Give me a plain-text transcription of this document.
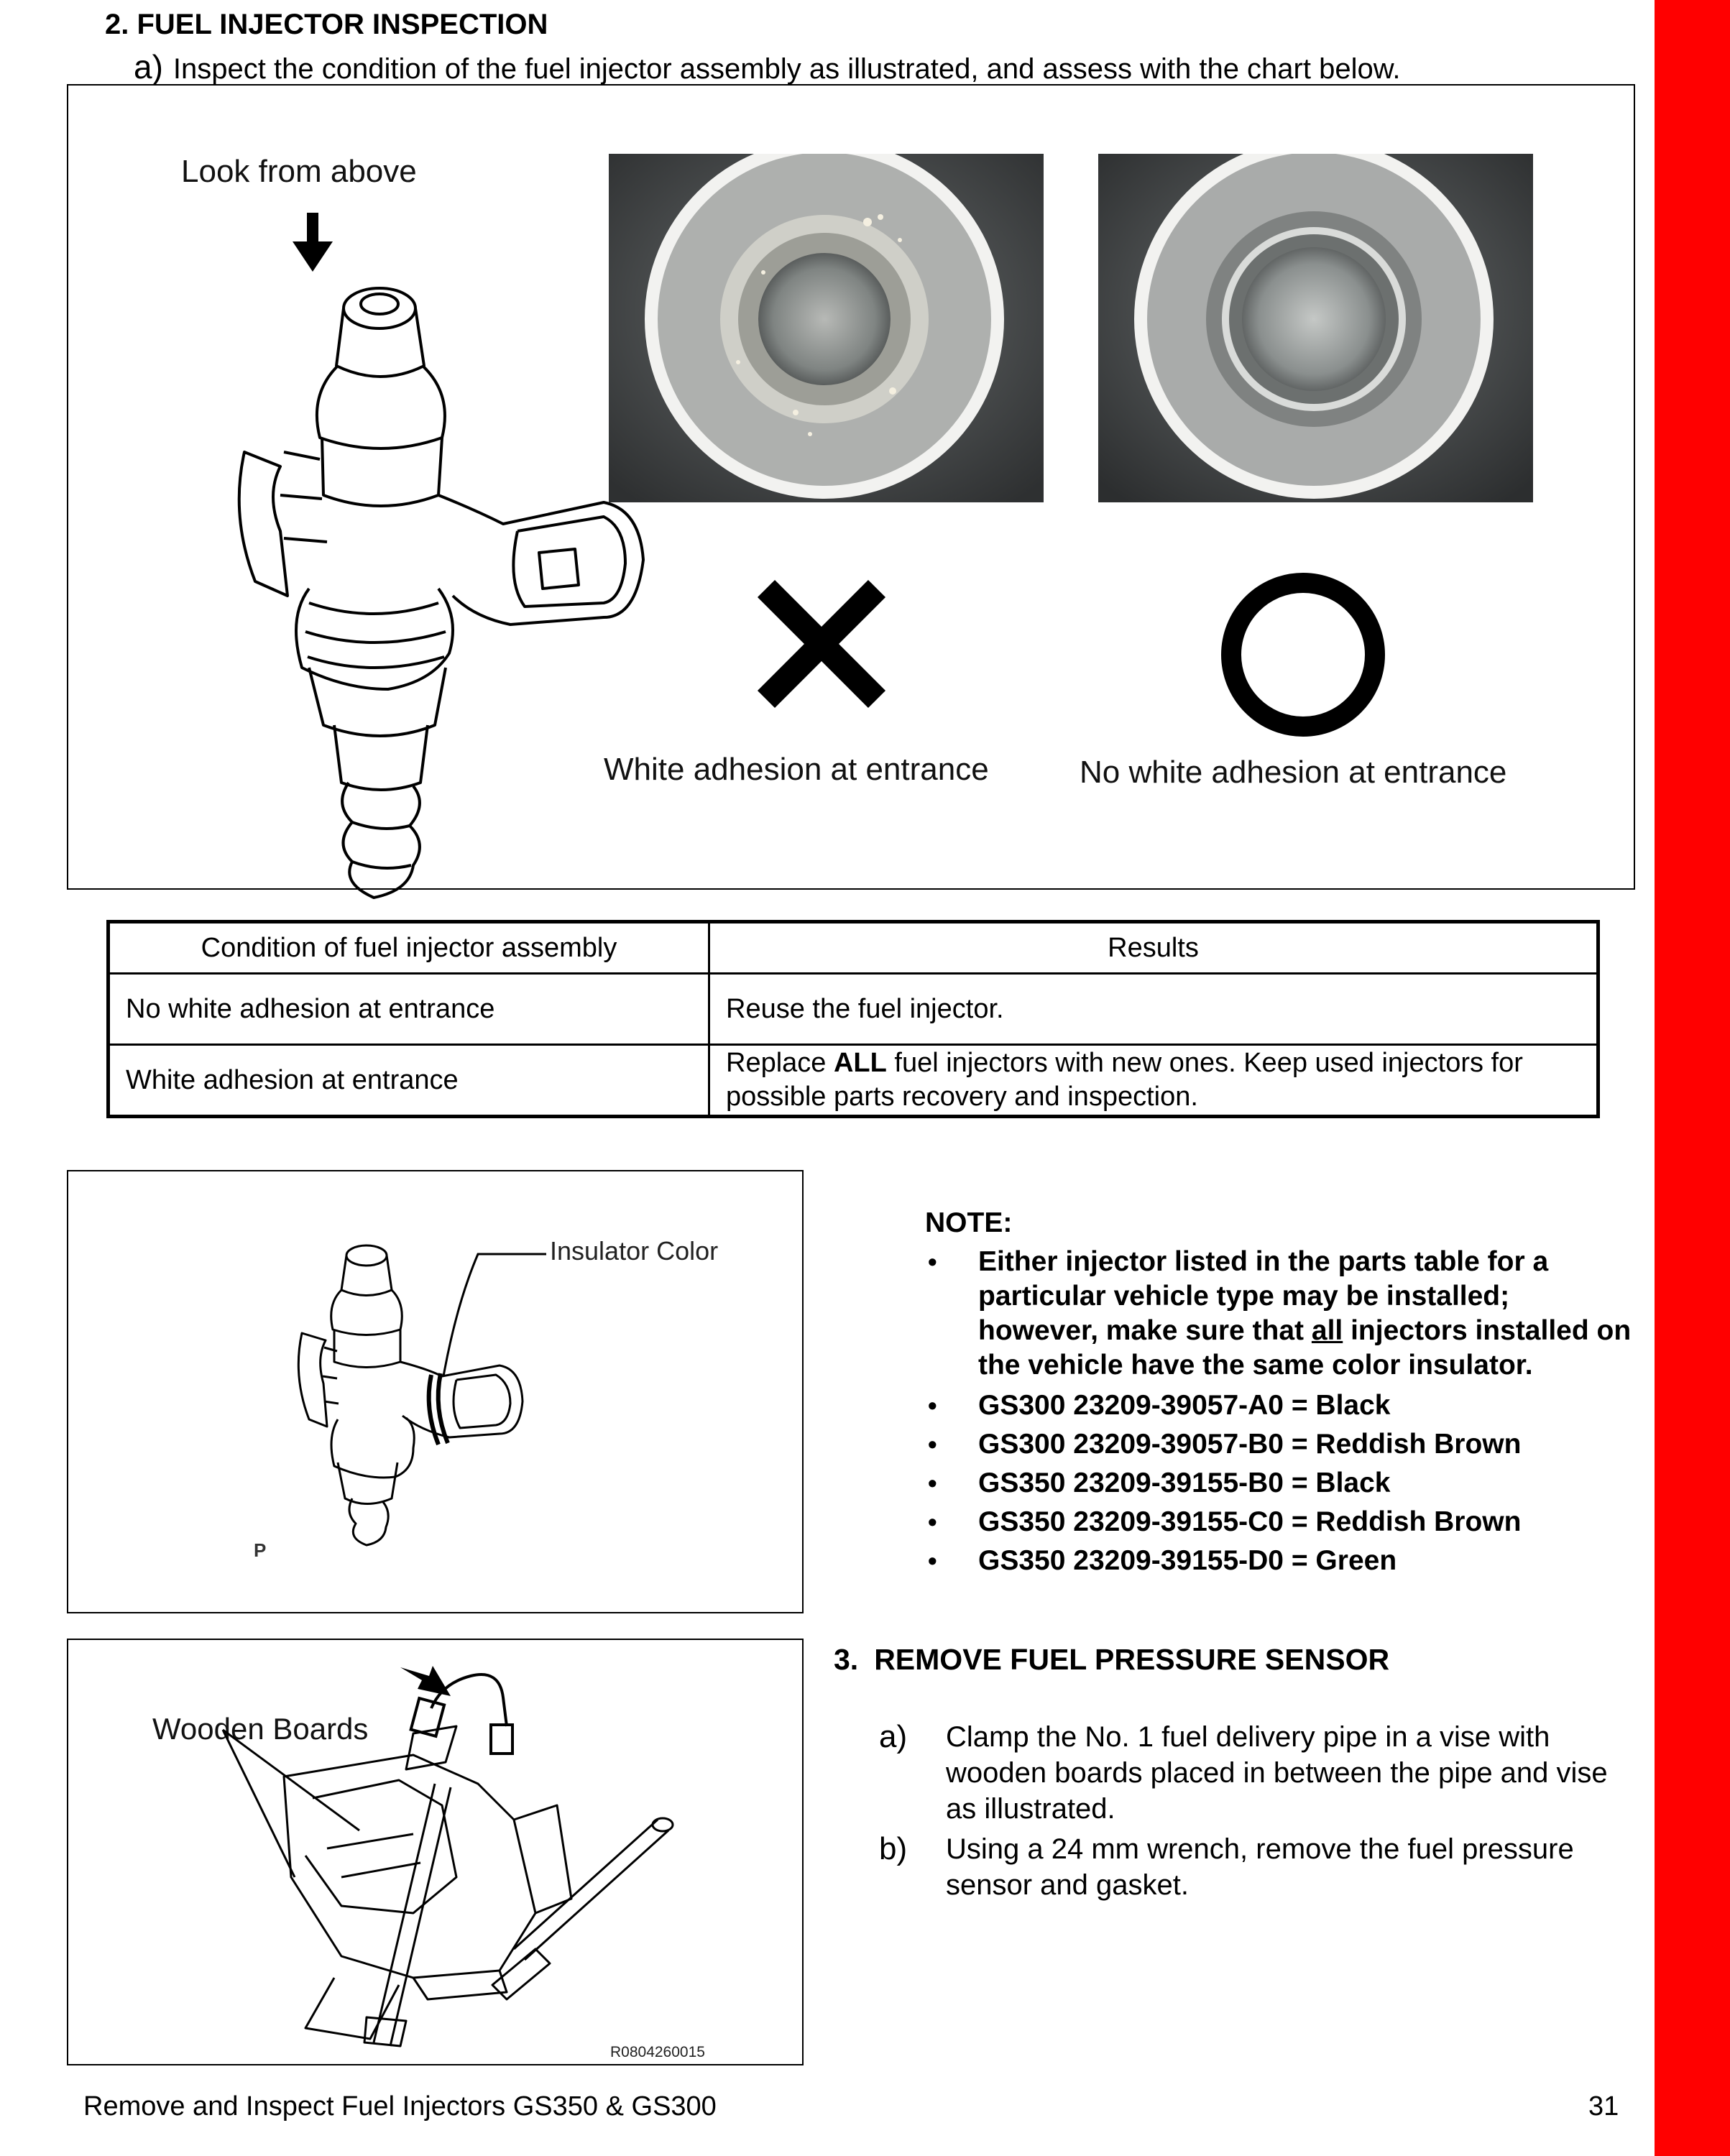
2. FUEL INJECTOR INSPECTION
a) Inspect the condition of the fuel injector assembly as illustrated, and assess with the chart below.
Look from above
White adhesion at entrance	No white adhesion at entrance
Condition of fuel injector assembly	Results
No white adhesion at entrance	Reuse the fuel injector.
White adhesion at entrance	Replace ALL fuel injectors with new ones. Keep used injectors for possible parts recovery and inspection.
Insulator Color
P
NOTE:
• Either injector listed in the parts table for a particular vehicle type may be installed; however, make sure that all injectors installed on the vehicle have the same color insulator.
• GS300 23209-39057-A0 = Black
• GS300 23209-39057-B0 = Reddish Brown
• GS350 23209-39155-B0 = Black
• GS350 23209-39155-C0 = Reddish Brown
• GS350 23209-39155-D0 = Green
Wooden Boards
R0804260015
3. REMOVE FUEL PRESSURE SENSOR
a) Clamp the No. 1 fuel delivery pipe in a vise with wooden boards placed in between the pipe and vise as illustrated.
b) Using a 24 mm wrench, remove the fuel pressure sensor and gasket.
Remove and Inspect Fuel Injectors GS350 & GS300	31
